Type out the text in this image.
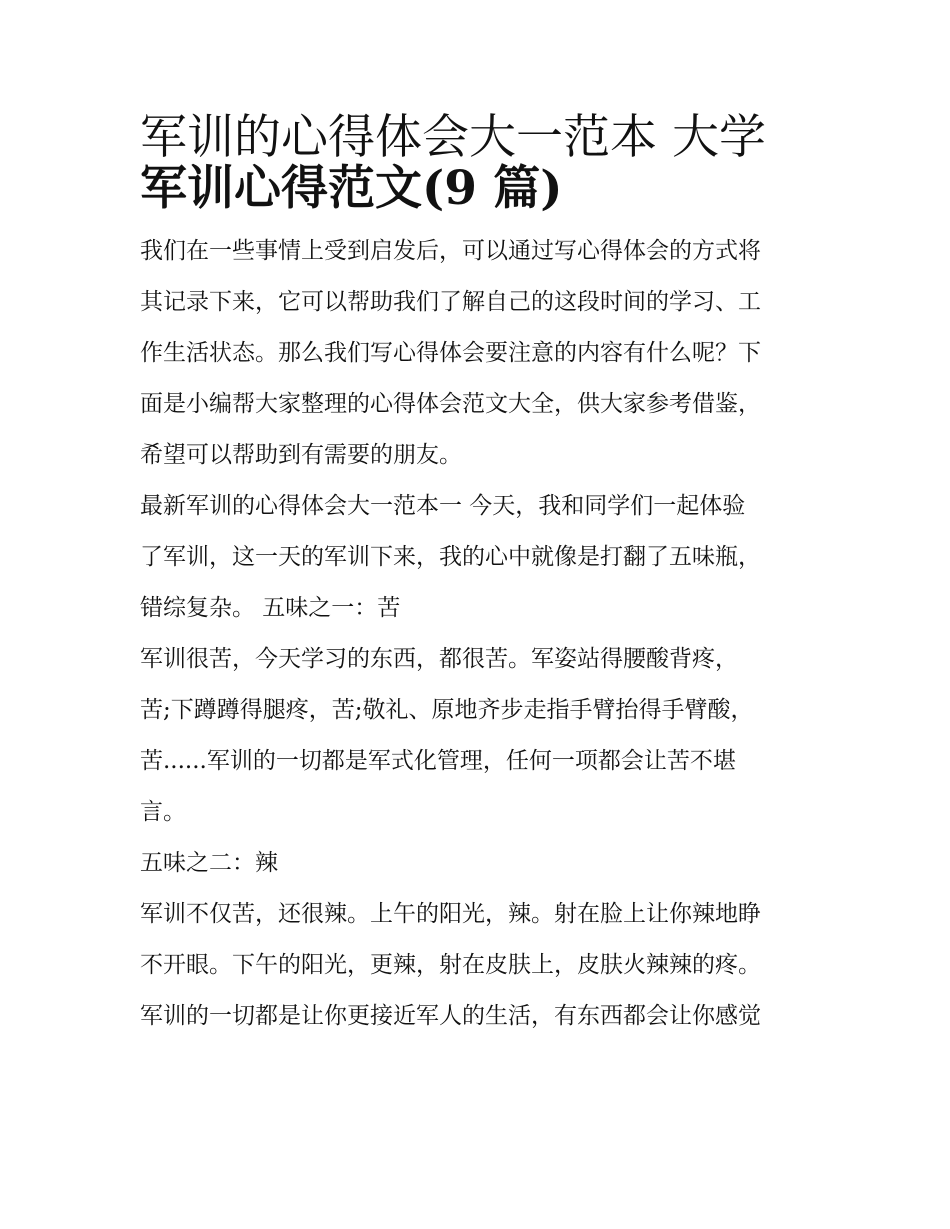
军训的心得体会大一范本 大学
军训心得范文(9 篇)
我们在一些事情上受到启发后，可以通过写心得体会的方式将
其记录下来，它可以帮助我们了解自己的这段时间的学习、工
作生活状态。那么我们写心得体会要注意的内容有什么呢？下
面是小编帮大家整理的心得体会范文大全，供大家参考借鉴，
希望可以帮助到有需要的朋友。
最新军训的心得体会大一范本一 今天，我和同学们一起体验
了军训，这一天的军训下来，我的心中就像是打翻了五味瓶，
错综复杂。 五味之一：苦
军训很苦，今天学习的东西，都很苦。军姿站得腰酸背疼，
苦;下蹲蹲得腿疼，苦;敬礼、原地齐步走指手臂抬得手臂酸，
苦......军训的一切都是军式化管理，任何一项都会让苦不堪
言。
五味之二：辣
军训不仅苦，还很辣。上午的阳光，辣。射在脸上让你辣地睁
不开眼。下午的阳光，更辣，射在皮肤上，皮肤火辣辣的疼。
军训的一切都是让你更接近军人的生活，有东西都会让你感觉
